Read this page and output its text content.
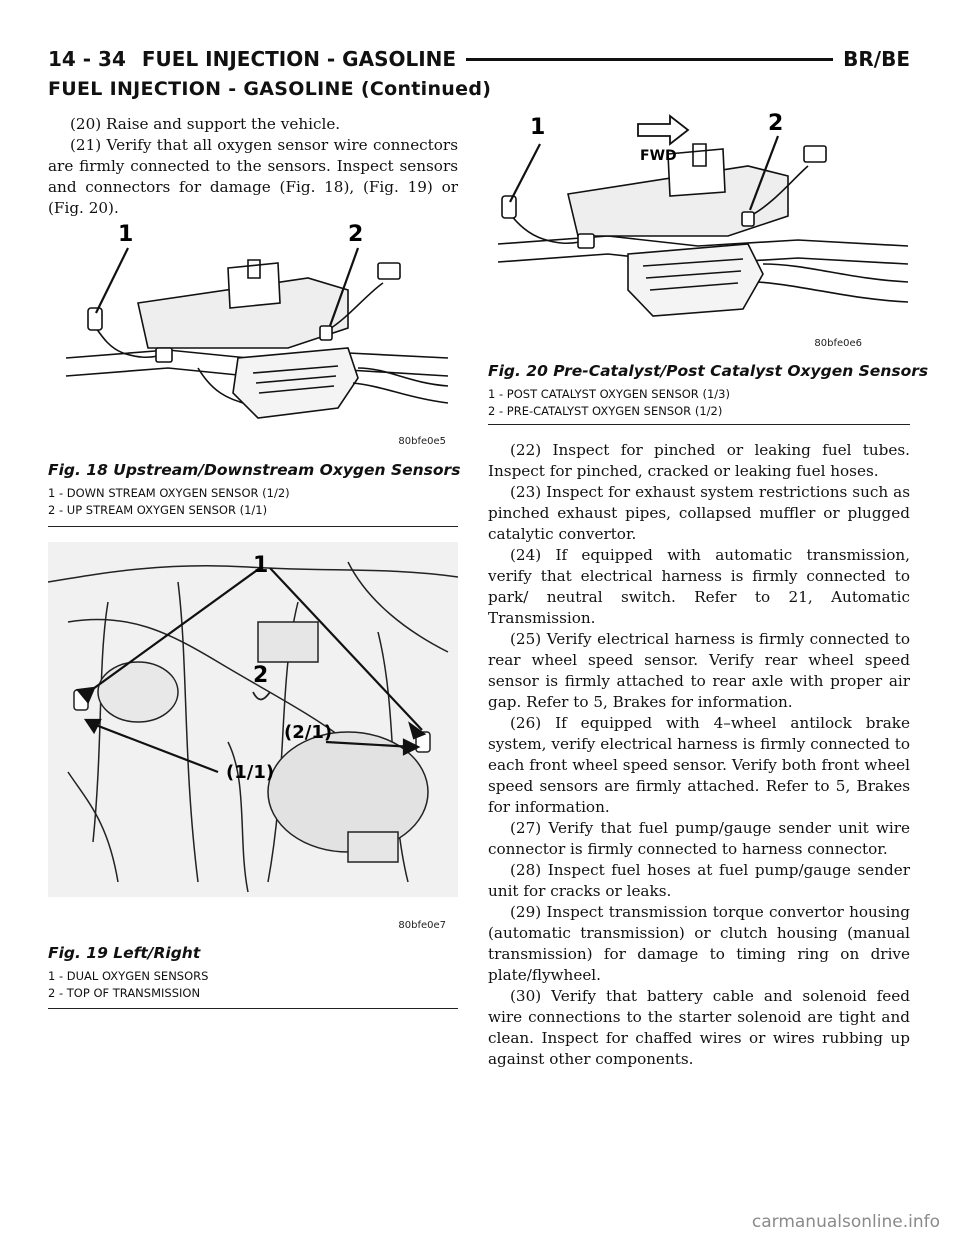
14 - 34 FUEL INJECTION - GASOLINE	BR/BE
FUEL INJECTION - GASOLINE (Continued)

(20) Raise and support the vehicle.

(21) Verify that all oxygen sensor wire connectors are firmly connected to the sensors. Inspect sensors and connectors for damage (Fig. 18), (Fig. 19) or (Fig. 20).

1	2
80bfe0e5

Fig. 18 Upstream/Downstream Oxygen Sensors

1 - DOWN STREAM OXYGEN SENSOR (1/2)

2 - UP STREAM OXYGEN SENSOR (1/1)

1
2
(2/1)
(1/1)
80bfe0e7

Fig. 19 Left/Right

1 - DUAL OXYGEN SENSORS

2 - TOP OF TRANSMISSION

1	2
FWD
80bfe0e6

Fig. 20 Pre-Catalyst/Post Catalyst Oxygen Sensors

1 - POST CATALYST OXYGEN SENSOR (1/3)

2 - PRE-CATALYST OXYGEN SENSOR (1/2)

(22) Inspect for pinched or leaking fuel tubes. Inspect for pinched, cracked or leaking fuel hoses.

(23) Inspect for exhaust system restrictions such as pinched exhaust pipes, collapsed muffler or plugged catalytic convertor.

(24) If equipped with automatic transmission, verify that electrical harness is firmly connected to park/ neutral switch. Refer to 21, Automatic Transmission.

(25) Verify electrical harness is firmly connected to rear wheel speed sensor. Verify rear wheel speed sensor is firmly attached to rear axle with proper air gap. Refer to 5, Brakes for information.

(26) If equipped with 4–wheel antilock brake system, verify electrical harness is firmly connected to each front wheel speed sensor. Verify both front wheel speed sensors are firmly attached. Refer to 5, Brakes for information.

(27) Verify that fuel pump/gauge sender unit wire connector is firmly connected to harness connector.

(28) Inspect fuel hoses at fuel pump/gauge sender unit for cracks or leaks.

(29) Inspect transmission torque convertor housing (automatic transmission) or clutch housing (manual transmission) for damage to timing ring on drive plate/flywheel.

(30) Verify that battery cable and solenoid feed wire connections to the starter solenoid are tight and clean. Inspect for chaffed wires or wires rubbing up against other components.

carmanualsonline.info
